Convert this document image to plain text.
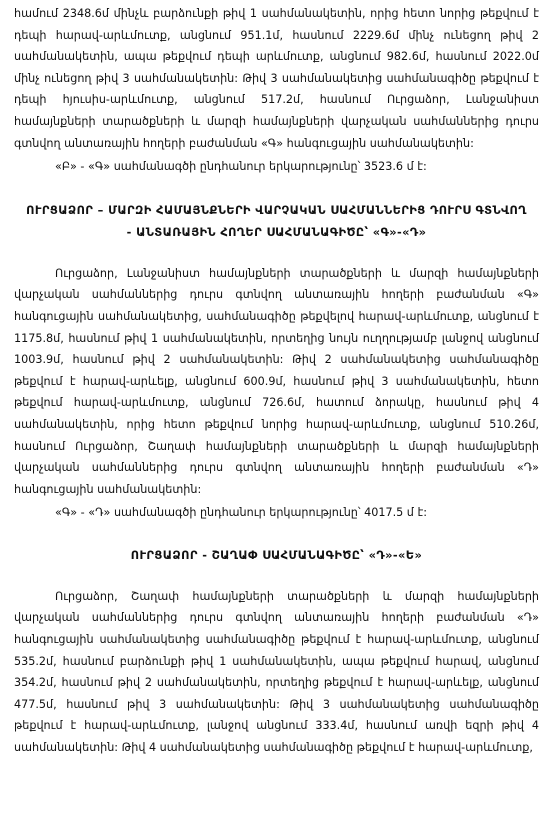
համում 2348.6մ մինչև բարձունքի թիվ 1 սահմանակետին, որից հետո նորից թեքվում է դեպի հարավ-արևմուտք, անցնում 951.1մ, հասնում 2229.6մ մինչ ունեցող թիվ 2 սահմանակետին, ապա թեքվում դեպի արևմուտք, անցնում 982.6մ, հասնում 2022.0մ մինչ ունեցող թիվ 3 սահմանակետին: Թիվ 3 սահմանակետից սահմանագիծը թեքվում է դեպի հյուսիս-արևմուտք, անցնում 517.2մ, հասնում Ուրցաձոր, Լանջանիստ համայնքների տարածքների և մարզի համայնքների վարչական սահմաններից դուրս գտնվող անտառային հողերի բաժանման «Գ» հանգուցային սահմանակետին:

«Բ» - «Գ» սահմանագծի ընդհանուր երկարությունը՝ 3523.6 մ է:

ՈՒՐՑԱՁՈՐ – ՄԱՐԶԻ ՀԱՄԱՅՆՔՆԵՐԻ ՎԱՐՉԱԿԱՆ ՍԱՀՄԱՆՆԵՐԻՑ ԴՈՒՐՍ ԳՏՆՎՈՂ

- ԱՆՏԱՌԱՅԻՆ ՀՈՂԵՐ ՍԱՀՄԱՆԱԳԻԾԸ՝ «Գ»-«Դ»

Ուրցաձոր, Լանջանիստ համայնքների տարածքների և մարզի համայնքների վարչական սահմաններից դուրս գտնվող անտառային հողերի բաժանման «Գ» հանգուցային սահմանակետից, սահմանագիծը թեքվելով հարավ-արևմուտք, անցնում է 1175.8մ, հասնում թիվ 1 սահմանակետին, որտեղից նույն ուղղությամբ լանջով անցնում 1003.9մ, հասնում թիվ 2 սահմանակետին: Թիվ 2 սահմանակետից սահմանագիծը թեքվում է հարավ-արևելք, անցնում 600.9մ, հասնում թիվ 3 սահմանակետին, հետո թեքվում հարավ-արևմուտք, անցնում 726.6մ, հատում ձորակը, հասնում թիվ 4 սահմանակետին, որից հետո թեքվում նորից հարավ-արևմուտք, անցնում 510.26մ, հասնում Ուրցաձոր, Շաղափ համայնքների տարածքների և մարզի համայնքների վարչական սահմաններից դուրս գտնվող անտառային հողերի բաժանման «Դ» հանգուցային սահմանակետին:

«Գ» - «Դ» սահմանագծի ընդհանուր երկարությունը՝ 4017.5 մ է:

ՈՒՐՑԱՁՈՐ - ՇԱՂԱՓ ՍԱՀՄԱՆԱԳԻԾԸ՝ «Դ»-«Ե»

Ուրցաձոր, Շաղափ համայնքների տարածքների և մարզի համայնքների վարչական սահմաններից դուրս գտնվող անտառային հողերի բաժանման «Դ» հանգուցային սահմանակետից սահմանագիծը թեքվում է հարավ-արևմուտք, անցնում 535.2մ, հասնում բարձունքի թիվ 1 սահմանակետին, ապա թեքվում հարավ, անցնում 354.2մ, հասնում թիվ 2 սահմանակետին, որտեղից թեքվում է հարավ-արևելք, անցնում 477.5մ, հասնում թիվ 3 սահմանակետին: Թիվ 3 սահմանակետից սահմանագիծը թեքվում է հարավ-արևմուտք, լանջով անցնում 333.4մ, հասնում առվի եզրի թիվ 4 սահմանակետին: Թիվ 4 սահմանակետից սահմանագիծը թեքվում է հարավ-արևմուտք,
